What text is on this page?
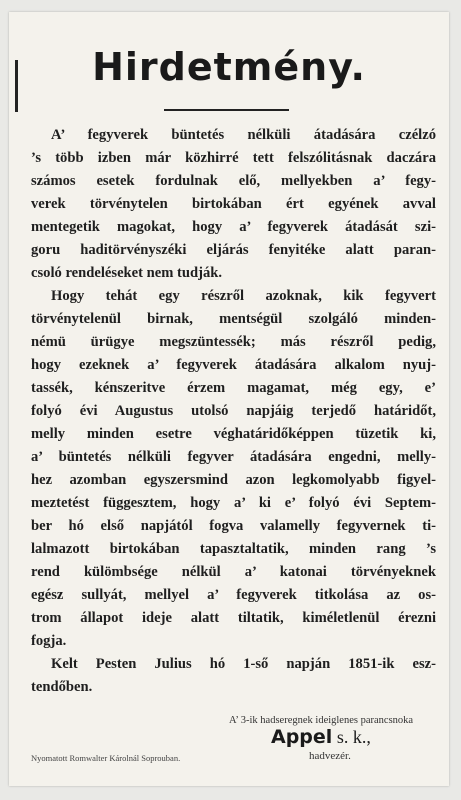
Hirdetmény.
A’ fegyverek büntetés nélküli átadására czélzó
’s több izben már közhirré tett felszólitásnak daczára
számos esetek fordulnak elő, mellyekben a’ fegy-
verek törvénytelen birtokában ért egyének avval
mentegetik magokat, hogy a’ fegyverek átadását szi-
goru haditörvényszéki eljárás fenyitéke alatt paran-
csoló rendeléseket nem tudják.
Hogy tehát egy részről azoknak, kik fegyvert
törvénytelenül birnak, mentségül szolgáló minden-
némü ürügye megszüntessék; más részről pedig,
hogy ezeknek a’ fegyverek átadására alkalom nyuj-
tassék, kénszeritve érzem magamat, még egy, e’
folyó évi Augustus utolsó napjáig terjedő határidőt,
melly minden esetre véghatáridőképpen tüzetik ki,
a’ büntetés nélküli fegyver átadására engedni, melly-
hez azomban egyszersmind azon legkomolyabb figyel-
meztetést függesztem, hogy a’ ki e’ folyó évi Septem-
ber hó első napjától fogva valamelly fegyvernek ti-
lalmazott birtokában tapasztaltatik, minden rang ’s
rend külömbsége nélkül a’ katonai törvényeknek
egész sullyát, mellyel a’ fegyverek titkolása az os-
trom állapot ideje alatt tiltatik, kiméletlenül érezni
fogja.
Kelt Pesten Julius hó 1-ső napján 1851-ik esz-
tendőben.
A’ 3-ik hadseregnek ideiglenes parancsnoka
Appel s. k.,
hadvezér.
Nyomatott Romwalter Károlnál Soprouban.
